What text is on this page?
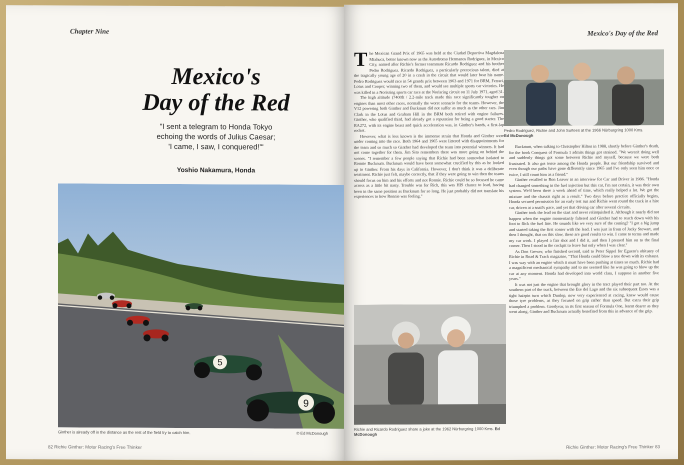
Chapter Nine
Mexico's
Day of the Red
"I sent a telegram to Honda Tokyo
echoing the words of Julius Caesar;
'I came, I saw, I conquered!'"
Yoshio Nakamura, Honda
5
9
Ginther is already off in the distance as the rest of the field try to catch him.	© Ed McDonough
82 Richie Ginther: Motor Racing's Free Thinker
Mexico's Day of the Red

The Mexican Grand Prix of 1965 was held at the Ciudad Deportiva Magdalena Mixhuca, better known now as the Autodromo Hermanos Rodriguez, in Mexico City, named after Richie's former teammate Ricardo Rodriguez and his brother Pedro Rodriguez. Ricardo Rodriguez, a particularly precocious talent, died at the tragically young age of 20 in a crash in the circuit that would later bear his name. Pedro Rodriguez would race in 54 grands prix between 1963 and 1971 for BRM, Ferrari, Lotus and Cooper, winning two of them, and would see multiple sports car victories. He was killed in a Norisring sports car race at the Norisring circuit on 11 July 1971, aged 31.

The high altitude (7400ft / 2.2-mile track made this race significantly tougher on engines than most other races, normally the worst scenario for the teams. However, the V12 powering both Ginther and Bucknum did not suffer as much as the other cars. Jim Clark in the Lotus and Graham Hill in the BRM both retired with engine failures. Ginther, who qualified third, had already got a reputation for being a good starter. The RA272, with its engine beast and quick acceleration was, in Ginther's hands, a first-lap rocket.

However, what is less known is the immense strain that Honda and Ginther were under coming into the race. Both 1964 and 1965 were littered with disappointments for the team and so much so Ginther had developed the team into potential winners. It had not come together for them. Jim Sito remembers there was more going on behind the scenes. "I remember a few people saying that Richie had been somewhat isolated to Ronnie Bucknum. Bucknum would have been somewhat crucified by this as he looked up to Ginther. From his days in California. However, I don't think it was a deliberate treatment. Richie just felt, maybe correctly, that if they were going to win then the teams should focus on him and his efforts and not Ronnie. Richie could be so focused he came across as a little bit nasty. Trouble was for Rich, this was HIS chance to lead, having been in the same position as Bucknum for so long. He just probably did not translate his experiences to how Ronnie was feeling."

Pedro Rodriguez, Richie and John Surtees at the 1966 Nürburgring 1000 Kms. Ed McDonough

Bucknum, when talking to Christopher Hilton in 1988, shortly before Ginther's death, for the book Conquest of Formula 1 admits things got strained. "We weren't doing well and suddenly things got some between Richie and myself, because we were both frustrated. It also got tense among the Honda people. But our friendship survived and even though our paths have gone differently since 1965 and I've only seen him once or twice, I still count him as a friend."

Ginther recalled to Ron Leaver in an interview for Car and Driver in 1986. "Honda had changed something in the fuel injection but this car, I'm not certain, it was their own system. We'd been there a week ahead of time, which really helped a lot. We got the mixture and the chassis right as a result." Two days before practice officially begins, Honda secured permission for an early test run and Richie went round the track in a hire car, driven at a snail's pace, and yet that driving car after several circuits.

Ginther took the lead on the start and never relinquished it. Although it nearly did not happen when the engine momentarily faltered and Ginther had to reach down with his foot to flick the fuel line. He sounds like we very sure of the coming? "I got a big jump and started taking the first corner with the lead. I was just in from of Jacky Stewart, and then I thought, that on this slow, these are good results to win. I came to terms and made my car work. I played a fair shot and I did it, and then I pressed him on to the final corner. Then I stood in the cockpit to leave but only when I was clear."

As Don Grewer, who finished second, said to Peter Sippel for Eguero's obituary of Richie in Road & Track magazine, "That Honda could blow a tree down with its exhaust. I was way with an engine which it must have been pushing at times so much. Richie had a magnificent mechanical sympathy and to me seemed like he was going to blow up the car at any moment. Honda had developed into world class, I suppose in another five years."

It was not just the engine that brought glory in the tract played their part too. At the southern part of the track, between the Ese del Lago and the six subsequent Esses was a tight hairpin turn which Dunlop, now very experienced at racing, knew would cause those tyre problems, as they focused on grip rather than speed. But extra their grip triumphed a problem. Goodyear, in its first season of Formula One, learnt dearer as they went along, Ginther and Bucknum actually benefited from this in advance of the grip.

Richie and Ricardo Rodriguez share a joke at the 1962 Nürburgring 1000 Kms. Ed McDonough
Richie Ginther: Motor Racing's Free Thinker 83
